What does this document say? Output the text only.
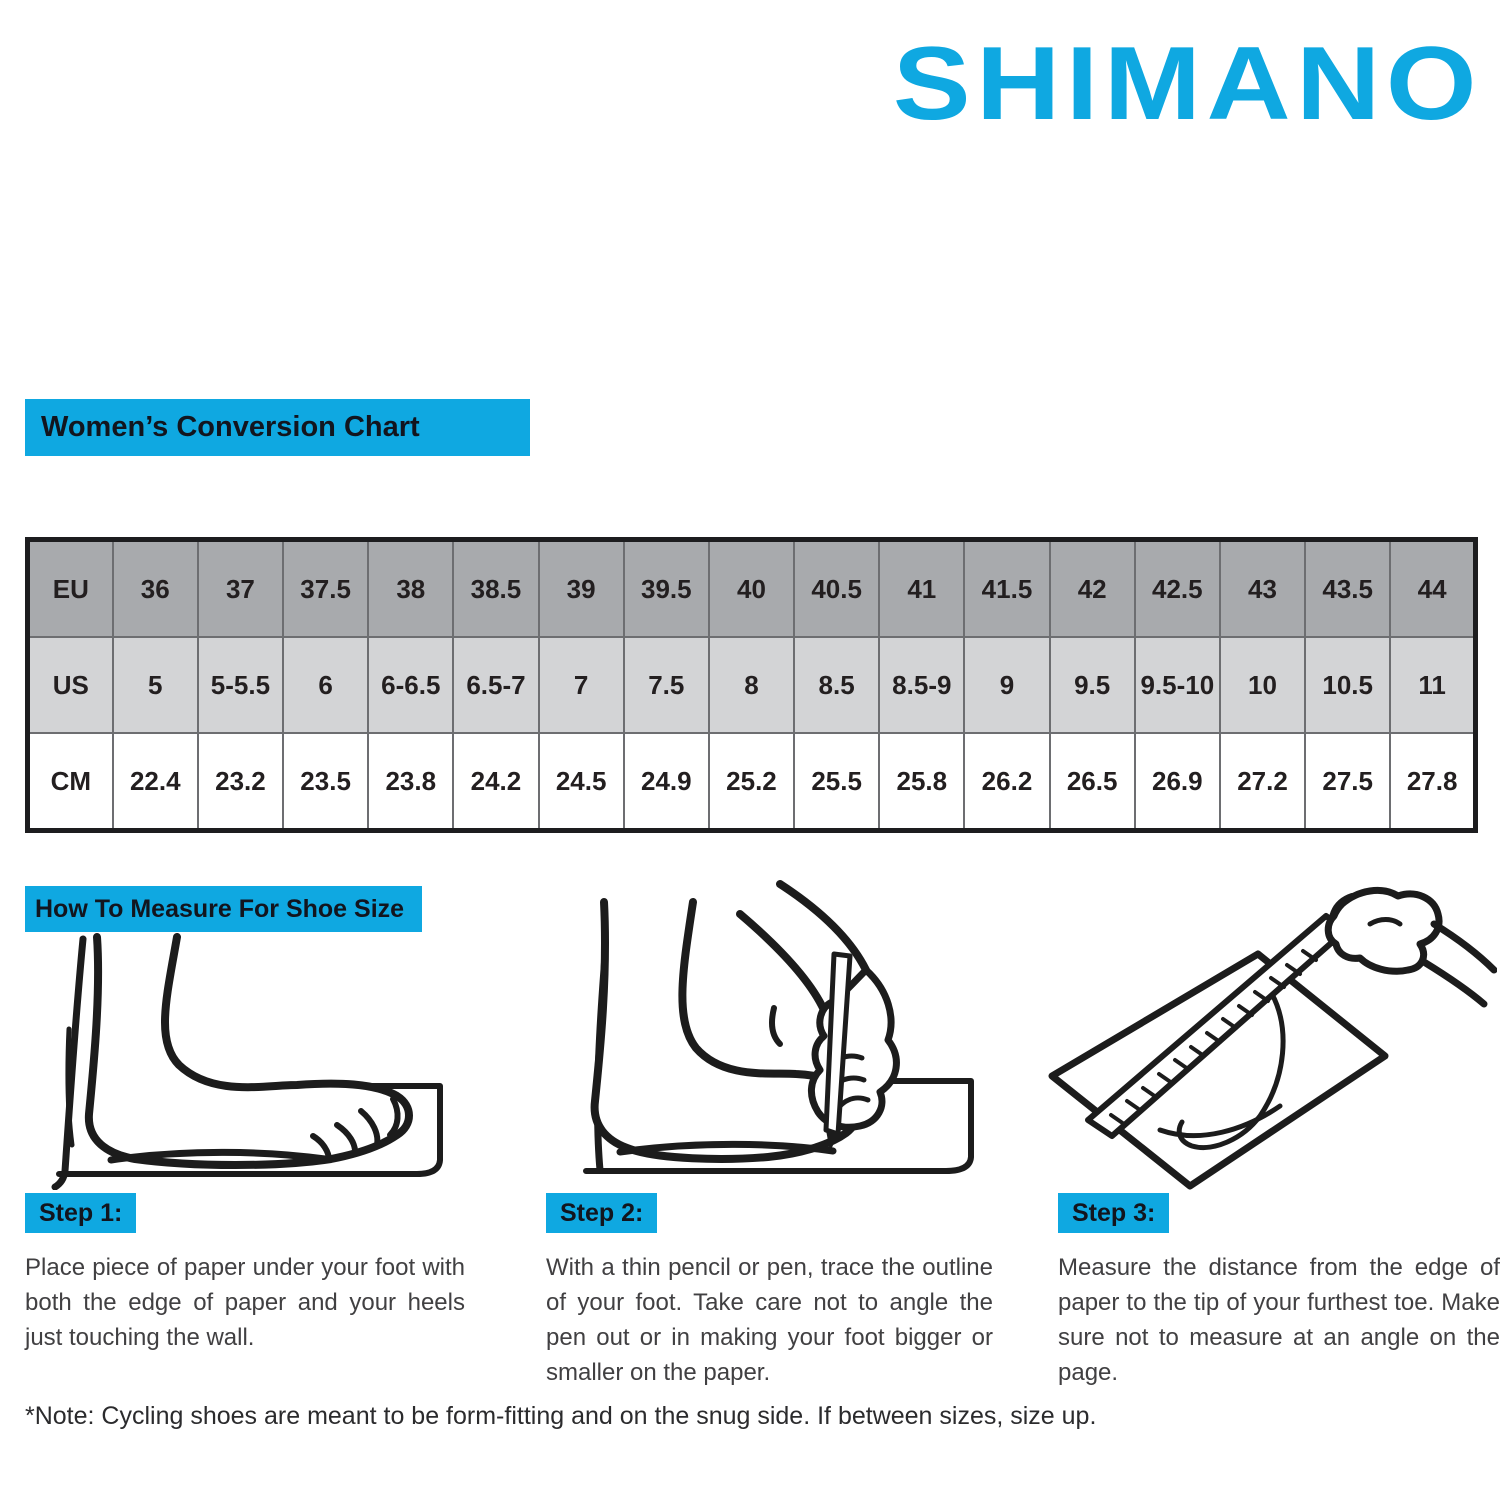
SHIMANO
Women’s Conversion Chart
EU	36	37	37.5	38	38.5	39	39.5	40	40.5	41	41.5	42	42.5	43	43.5	44
US	5	5-5.5	6	6-6.5	6.5-7	7	7.5	8	8.5	8.5-9	9	9.5	9.5-10	10	10.5	11
CM	22.4	23.2	23.5	23.8	24.2	24.5	24.9	25.2	25.5	25.8	26.2	26.5	26.9	27.2	27.5	27.8
How To Measure For Shoe Size
Step 1:	Step 2:	Step 3:
Place piece of paper under your foot with both the edge of paper and your heels just touching the wall.
With a thin pencil or pen, trace the outline of your foot. Take care not to angle the pen out or in making your foot bigger or smaller on the paper.
Measure the distance from the edge of paper to the tip of your furthest toe. Make sure not to measure at an angle on the page.
*Note: Cycling shoes are meant to be form-fitting and on the snug side. If between sizes, size up.
